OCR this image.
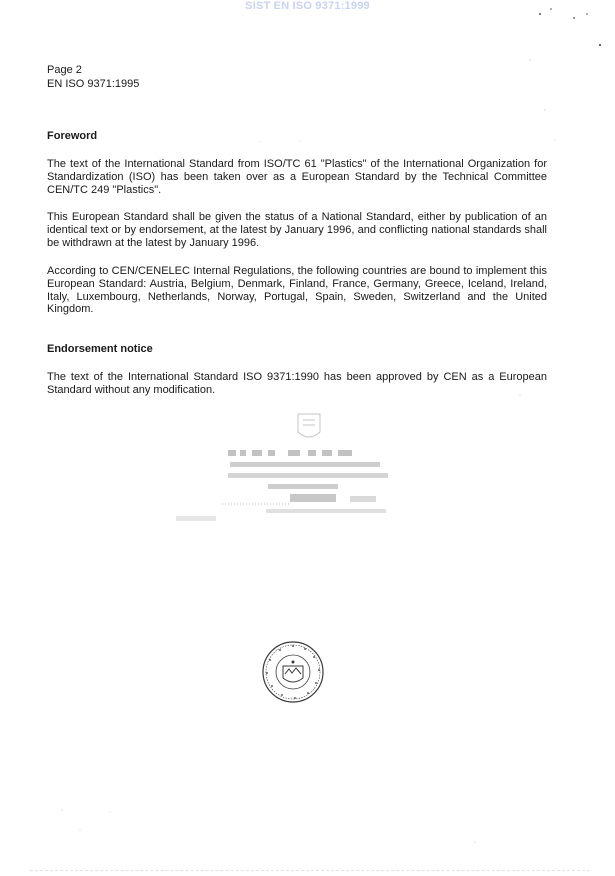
SIST EN ISO 9371:1999
Page 2
EN ISO 9371:1995
Foreword
The text of the International Standard from ISO/TC 61 "Plastics" of the International Organization for Standardization (ISO) has been taken over as a European Standard by the Technical Committee CEN/TC 249 "Plastics".
This European Standard shall be given the status of a National Standard, either by publication of an identical text or by endorsement, at the latest by January 1996, and conflicting national standards shall be withdrawn at the latest by January 1996.
According to CEN/CENELEC Internal Regulations, the following countries are bound to implement this European Standard: Austria, Belgium, Denmark, Finland, France, Germany, Greece, Iceland, Ireland, Italy, Luxembourg, Netherlands, Norway, Portugal, Spain, Sweden, Switzerland and the United Kingdom.
Endorsement notice
The text of the International Standard ISO 9371:1990 has been approved by CEN as a European Standard without any modification.
